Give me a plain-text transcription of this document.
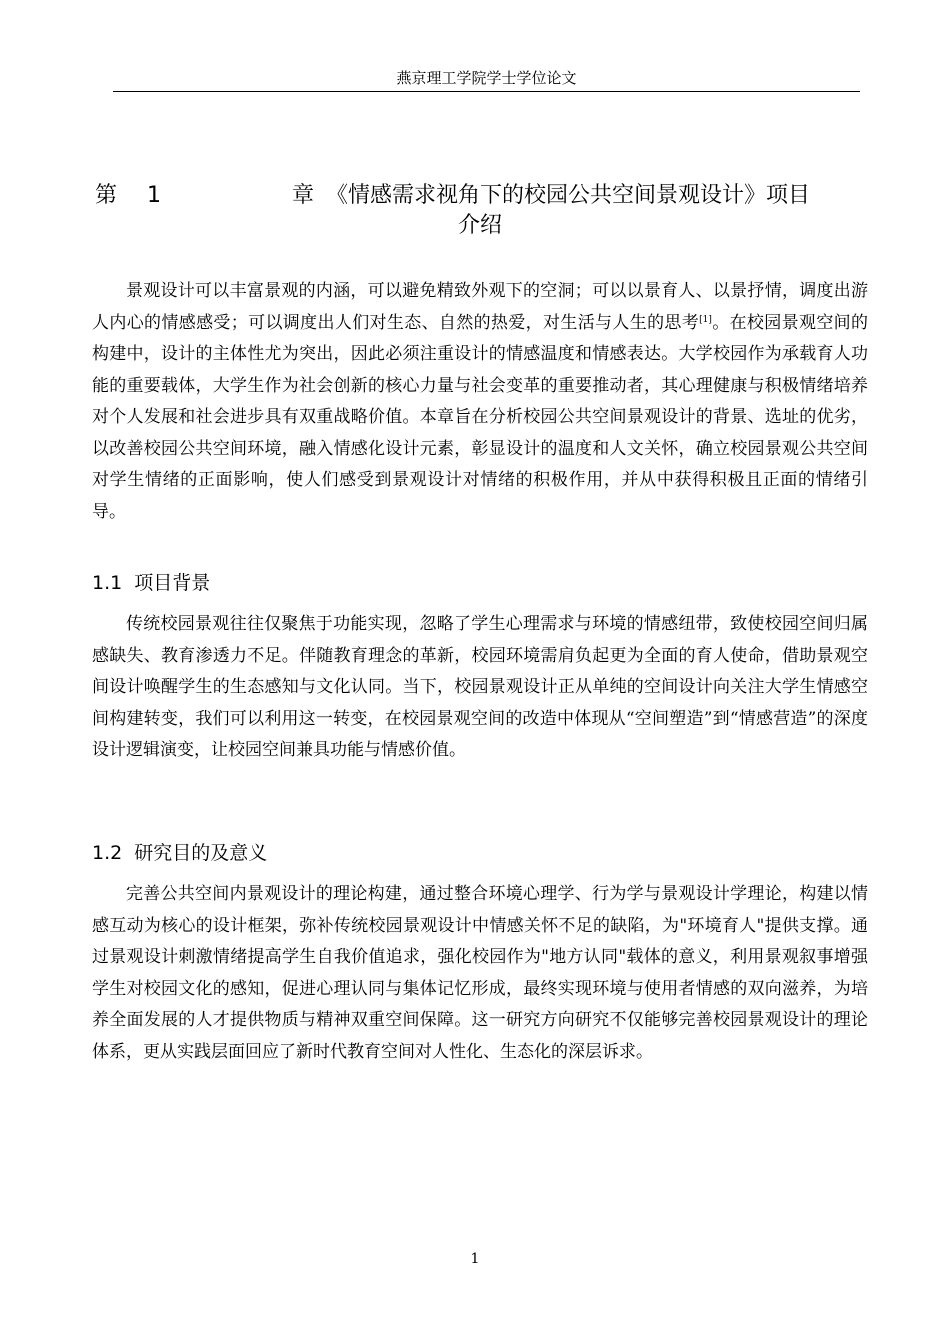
燕京理工学院学士学位论文
第	1	章 《情感需求视角下的校园公共空间景观设计》项目
介绍

景观设计可以丰富景观的内涵，可以避免精致外观下的空洞；可以以景育人、以景抒情，调度出游人内心的情感感受；可以调度出人们对生态、自然的热爱，对生活与人生的思考[1]。在校园景观空间的构建中，设计的主体性尤为突出，因此必须注重设计的情感温度和情感表达。大学校园作为承载育人功能的重要载体，大学生作为社会创新的核心力量与社会变革的重要推动者，其心理健康与积极情绪培养对个人发展和社会进步具有双重战略价值。本章旨在分析校园公共空间景观设计的背景、选址的优劣，以改善校园公共空间环境，融入情感化设计元素，彰显设计的温度和人文关怀，确立校园景观公共空间对学生情绪的正面影响，使人们感受到景观设计对情绪的积极作用，并从中获得积极且正面的情绪引导。

1.1 项目背景

传统校园景观往往仅聚焦于功能实现，忽略了学生心理需求与环境的情感纽带，致使校园空间归属感缺失、教育渗透力不足。伴随教育理念的革新，校园环境需肩负起更为全面的育人使命，借助景观空间设计唤醒学生的生态感知与文化认同。当下，校园景观设计正从单纯的空间设计向关注大学生情感空间构建转变，我们可以利用这一转变，在校园景观空间的改造中体现从“空间塑造”到“情感营造”的深度设计逻辑演变，让校园空间兼具功能与情感价值。

1.2 研究目的及意义

完善公共空间内景观设计的理论构建，通过整合环境心理学、行为学与景观设计学理论，构建以情感互动为核心的设计框架，弥补传统校园景观设计中情感关怀不足的缺陷，为"环境育人"提供支撑。通过景观设计刺激情绪提高学生自我价值追求，强化校园作为"地方认同"载体的意义，利用景观叙事增强学生对校园文化的感知，促进心理认同与集体记忆形成，最终实现环境与使用者情感的双向滋养，为培养全面发展的人才提供物质与精神双重空间保障。这一研究方向研究不仅能够完善校园景观设计的理论体系，更从实践层面回应了新时代教育空间对人性化、生态化的深层诉求。

1
